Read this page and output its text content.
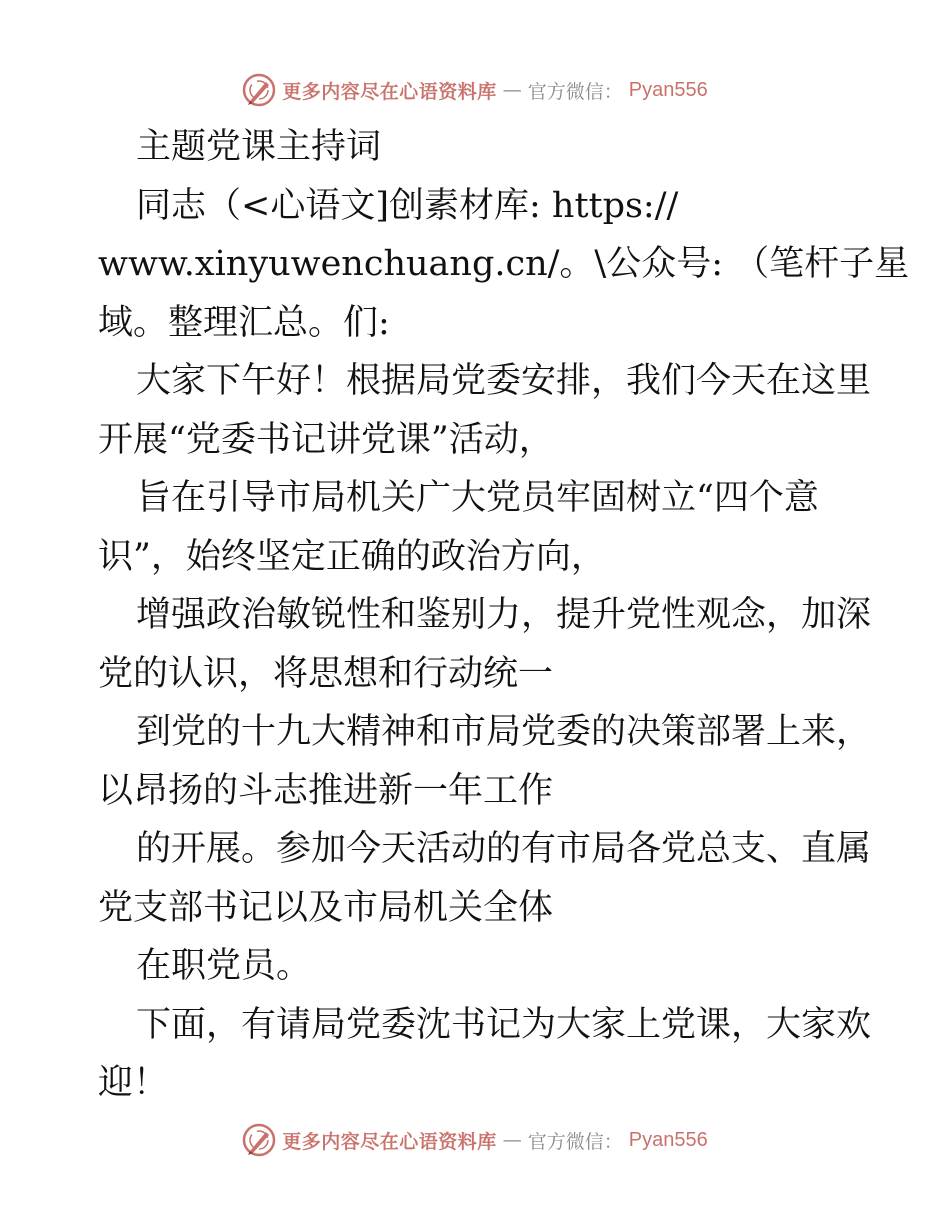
更多内容尽在心语资料库 — 官方微信： Pyan556
主题党课主持词
同志（<心语文]创素材库: https://
www.xinyuwenchuang.cn/。\公众号: （笔杆子星
域。整理汇总。们:
大家下午好！根据局党委安排，我们今天在这里
开展“党委书记讲党课”活动，
旨在引导市局机关广大党员牢固树立“四个意
识”，始终坚定正确的政治方向，
增强政治敏锐性和鉴别力，提升党性观念，加深
党的认识，将思想和行动统一
到党的十九大精神和市局党委的决策部署上来，
以昂扬的斗志推进新一年工作
的开展。参加今天活动的有市局各党总支、直属
党支部书记以及市局机关全体
在职党员。
下面，有请局党委沈书记为大家上党课，大家欢
迎！
更多内容尽在心语资料库 — 官方微信： Pyan556
